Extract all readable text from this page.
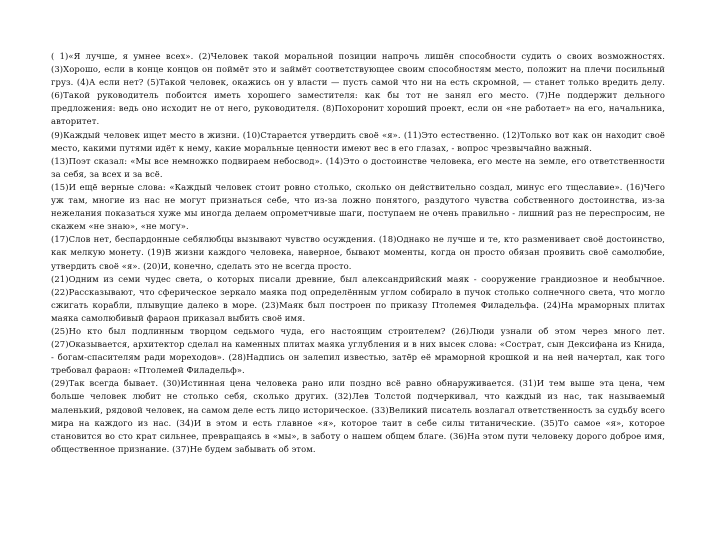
( 1)«Я лучше, я умнее всех». (2)Человек такой моральной позиции напрочь лишён способности судить о своих возможностях. (3)Хорошо, если в конце концов он поймёт это и займёт соответствующее своим способностям место, положит на плечи посильный груз. (4)А если нет? (5)Такой человек, окажись он у власти — пусть самой что ни на есть скромной, — станет только вредить делу. (6)Такой руководитель побоится иметь хорошего заместителя: как бы тот не занял его место. (7)Не поддержит дельного предложения: ведь оно исходит не от него, руководителя. (8)Похоронит хороший проект, если он «не работает» на его, начальника, авторитет.

(9)Каждый человек ищет место в жизни. (10)Старается утвердить своё «я». (11)Это естественно. (12)Только вот как он находит своё место, какими путями идёт к нему, какие моральные ценности имеют вес в его глазах, - вопрос чрезвычайно важный.

(13)Поэт сказал: «Мы все немножко подвираем небосвод». (14)Это о достоинстве человека, его месте на земле, его ответственности за себя, за всех и за всё.

(15)И ещё верные слова: «Каждый человек стоит ровно столько, сколько он действительно создал, минус его тщеславие». (16)Чего уж там, многие из нас не могут признаться себе, что из-за ложно понятого, раздутого чувства собственного достоинства, из-за нежелания показаться хуже мы иногда делаем опрометчивые шаги, поступаем не очень правильно - лишний раз не переспросим, не скажем «не знаю», «не могу».

(17)Слов нет, беспардонные себялюбцы вызывают чувство осуждения. (18)Однако не лучше и те, кто разменивает своё достоинство, как мелкую монету. (19)В жизни каждого человека, наверное, бывают моменты, когда он просто обязан проявить своё самолюбие, утвердить своё «я». (20)И, конечно, сделать это не всегда просто.

(21)Одним из семи чудес света, о которых писали древние, был александрийский маяк - сооружение грандиозное и необычное. (22)Рассказывают, что сферическое зеркало маяка под определённым углом собирало в пучок столько солнечного света, что могло сжигать корабли, плывущие далеко в море. (23)Маяк был построен по приказу Птолемея Филадельфа. (24)На мраморных плитах маяка самолюбивый фараон приказал выбить своё имя.

(25)Но кто был подлинным творцом седьмого чуда, его настоящим строителем? (26)Люди узнали об этом через много лет. (27)Оказывается, архитектор сделал на каменных плитах маяка углубления и в них высек слова: «Сострат, сын Дексифана из Книда, - богам-спасителям ради мореходов». (28)Надпись он залепил известью, затёр её мраморной крошкой и на ней начертал, как того требовал фараон: «Птолемей Филадельф».

(29)Так всегда бывает. (30)Истинная цена человека рано или поздно всё равно обнаруживается. (31)И тем выше эта цена, чем больше человек любит не столько себя, сколько других. (32)Лев Толстой подчеркивал, что каждый из нас, так называемый маленький, рядовой человек, на самом деле есть лицо историческое. (33)Великий писатель возлагал ответственность за судьбу всего мира на каждого из нас. (34)И в этом и есть главное «я», которое таит в себе силы титанические. (35)То самое «я», которое становится во сто крат сильнее, превращаясь в «мы», в заботу о нашем общем благе. (36)На этом пути человеку дорого доброе имя, общественное признание. (37)Не будем забывать об этом.
